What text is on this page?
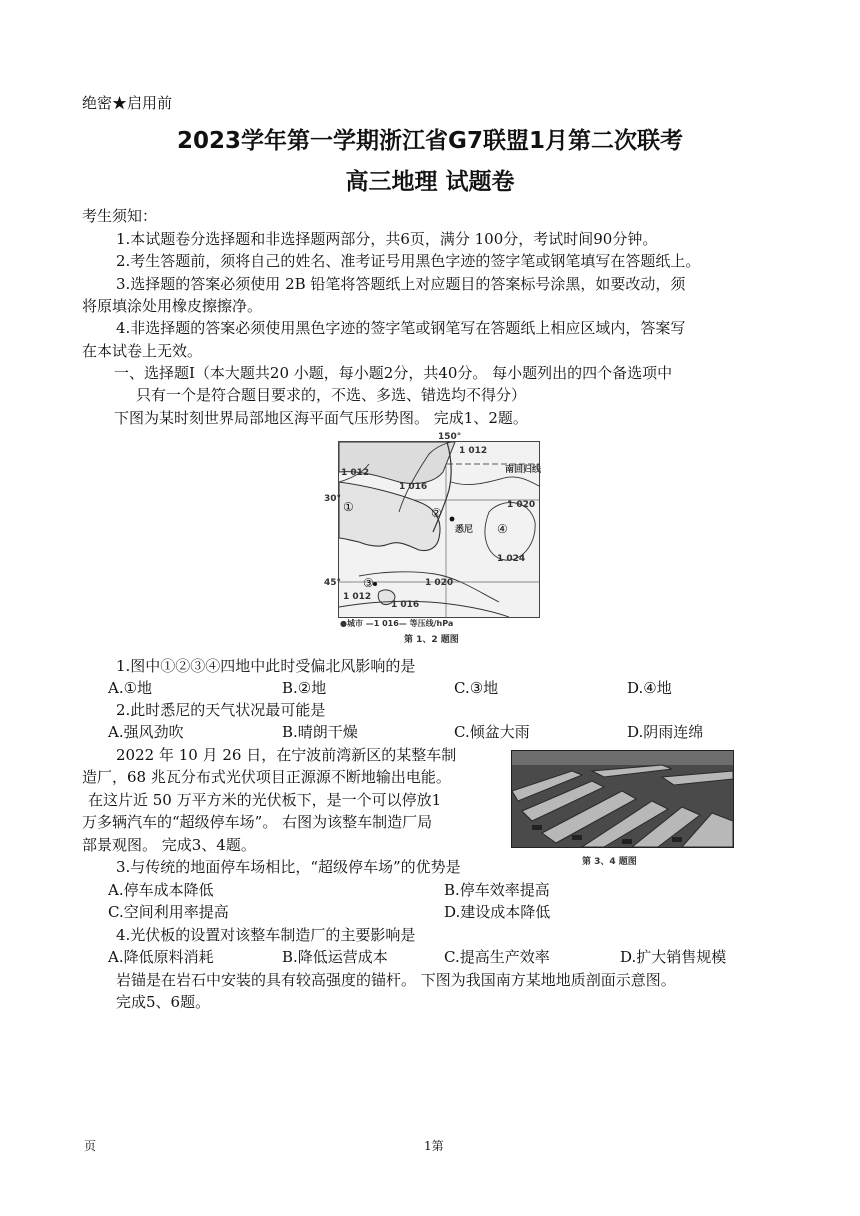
绝密★启用前
2023学年第一学期浙江省G7联盟1月第二次联考
高三地理 试题卷
考生须知：
1.本试题卷分选择题和非选择题两部分，共6页，满分 100分，考试时间90分钟。
2.考生答题前，须将自己的姓名、准考证号用黑色字迹的签字笔或钢笔填写在答题纸上。
3.选择题的答案必须使用 2B 铅笔将答题纸上对应题目的答案标号涂黑，如要改动，须
将原填涂处用橡皮擦擦净。
4.非选择题的答案必须使用黑色字迹的签字笔或钢笔写在答题纸上相应区域内，答案写
在本试卷上无效。
一、选择题Ⅰ（本大题共20 小题，每小题2分，共40分。 每小题列出的四个备选项中
只有一个是符合题目要求的，不选、多选、错选均不得分）
下图为某时刻世界局部地区海平面气压形势图。 完成1、2题。
1 012
1 016
1 012
南回归线
1 020
1 024
1 020
1 016
1 012
悉尼
①	②
③
④
150°
30°
45°
●城市 —1 016— 等压线/hPa
第 1、2 题图
1.图中①②③④四地中此时受偏北风影响的是
A.①地	B.②地	C.③地	D.④地
2.此时悉尼的天气状况最可能是
A.强风劲吹	B.晴朗干燥	C.倾盆大雨	D.阴雨连绵
2022 年 10 月 26 日，在宁波前湾新区的某整车制
造厂，68 兆瓦分布式光伏项目正源源不断地输出电能。
在这片近 50 万平方米的光伏板下，是一个可以停放1
万多辆汽车的“超级停车场”。 右图为该整车制造厂局
部景观图。 完成3、4题。
第 3、4 题图
3.与传统的地面停车场相比，“超级停车场”的优势是
A.停车成本降低	B.停车效率提高
C.空间利用率提高	D.建设成本降低
4.光伏板的设置对该整车制造厂的主要影响是
A.降低原料消耗	B.降低运营成本	C.提高生产效率	D.扩大销售规模
岩锚是在岩石中安装的具有较高强度的锚杆。 下图为我国南方某地地质剖面示意图。
完成5、6题。
页	1第
